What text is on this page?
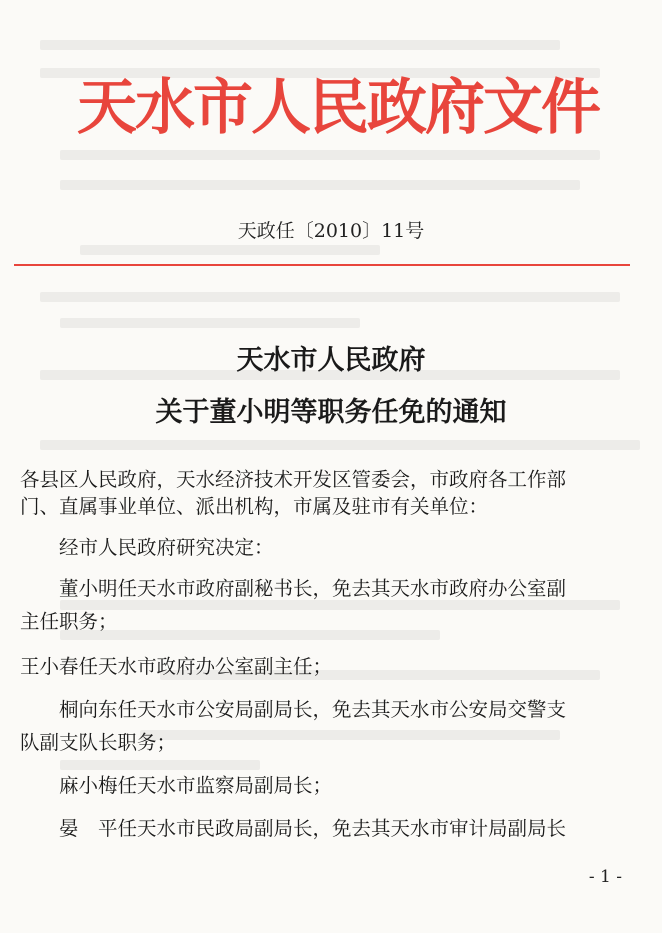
天水市人民政府文件
天政任〔2010〕11号
天水市人民政府
关于董小明等职务任免的通知

各县区人民政府，天水经济技术开发区管委会，市政府各工作部

门、直属事业单位、派出机构，市属及驻市有关单位：

经市人民政府研究决定：

董小明任天水市政府副秘书长，免去其天水市政府办公室副

主任职务；

王小春任天水市政府办公室副主任；

桐向东任天水市公安局副局长，免去其天水市公安局交警支

队副支队长职务；

麻小梅任天水市监察局副局长；

晏　平任天水市民政局副局长，免去其天水市审计局副局长

- 1 -
